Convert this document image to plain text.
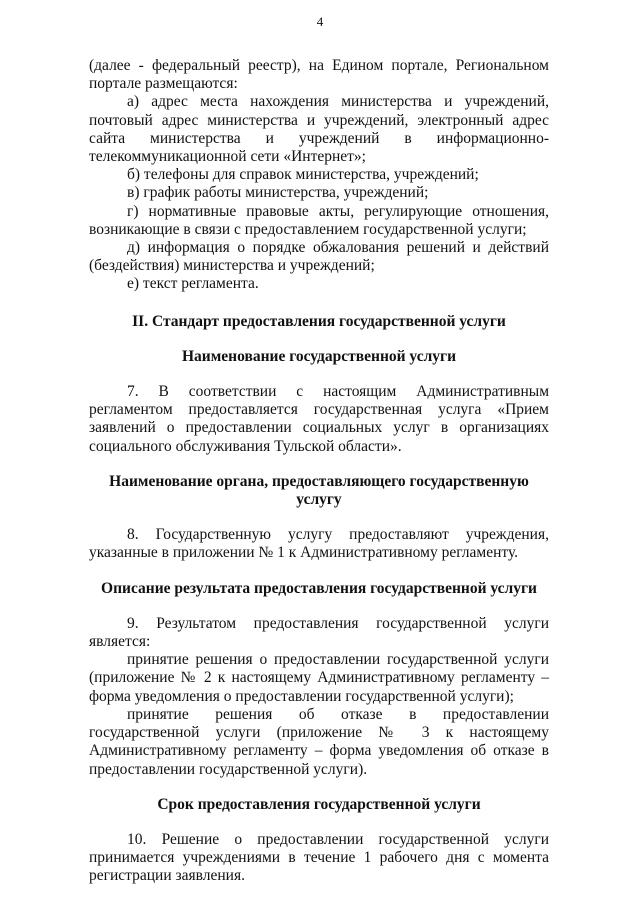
4

(далее - федеральный реестр), на Едином портале, Региональном портале размещаются:

а) адрес места нахождения министерства и учреждений, почтовый адрес министерства и учреждений, электронный адрес сайта министерства и учреждений в информационно-телекоммуникационной сети «Интернет»;

б) телефоны для справок министерства, учреждений;

в) график работы министерства, учреждений;

г) нормативные правовые акты, регулирующие отношения, возникающие в связи с предоставлением государственной услуги;

д) информация о порядке обжалования решений и действий (бездействия) министерства и учреждений;

е) текст регламента.

II. Стандарт предоставления государственной услуги
Наименование государственной услуги

7. В соответствии с настоящим Административным регламентом предоставляется государственная услуга «Прием заявлений о предоставлении социальных услуг в организациях социального обслуживания Тульской области».

Наименование органа, предоставляющего государственную услугу

8. Государственную услугу предоставляют учреждения, указанные в приложении № 1 к Административному регламенту.

Описание результата предоставления государственной услуги

9. Результатом предоставления государственной услуги является:

принятие решения о предоставлении государственной услуги (приложение № 2 к настоящему Административному регламенту – форма уведомления о предоставлении государственной услуги);

принятие решения об отказе в предоставлении государственной услуги (приложение № 3 к настоящему Административному регламенту – форма уведомления об отказе в предоставлении государственной услуги).

Срок предоставления государственной услуги

10. Решение о предоставлении государственной услуги принимается учреждениями в течение 1 рабочего дня с момента регистрации заявления.
